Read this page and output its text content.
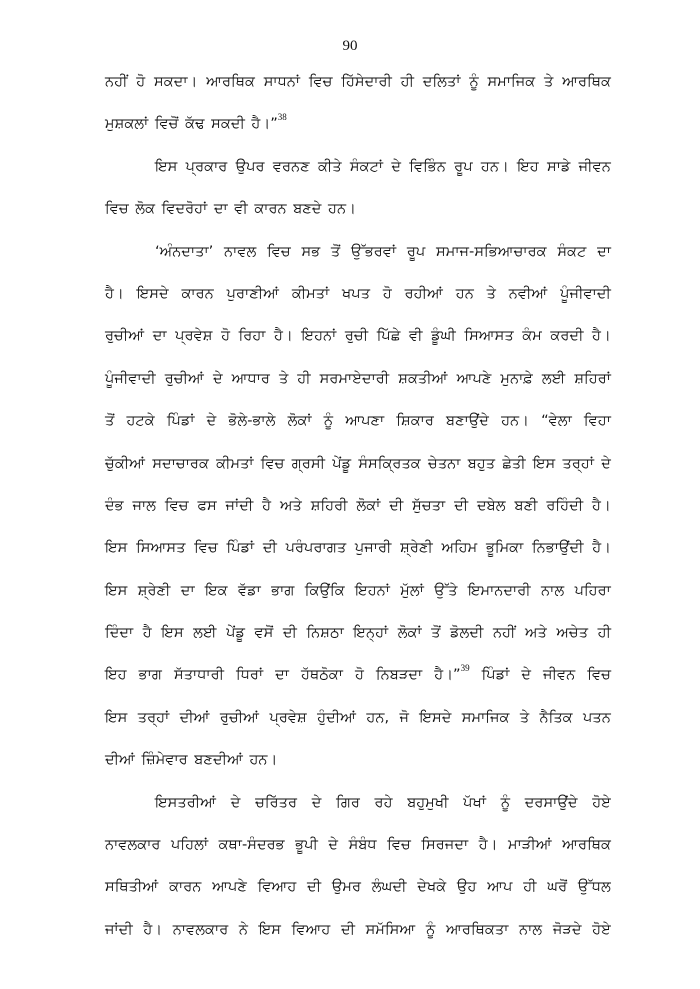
90
ਨਹੀਂ ਹੋ ਸਕਦਾ। ਆਰਥਿਕ ਸਾਧਨਾਂ ਵਿਚ ਹਿੱਸੇਦਾਰੀ ਹੀ ਦਲਿਤਾਂ ਨੂੰ ਸਮਾਜਿਕ ਤੇ ਆਰਥਿਕ
ਮੁਸ਼ਕਲਾਂ ਵਿਚੋਂ ਕੱਢ ਸਕਦੀ ਹੈ।”$^{38}$
ਇਸ ਪ੍ਰਕਾਰ ਉਪਰ ਵਰਨਣ ਕੀਤੇ ਸੰਕਟਾਂ ਦੇ ਵਿਭਿੰਨ ਰੂਪ ਹਨ। ਇਹ ਸਾਡੇ ਜੀਵਨ
ਵਿਚ ਲੋਕ ਵਿਦਰੋਹਾਂ ਦਾ ਵੀ ਕਾਰਨ ਬਣਦੇ ਹਨ।
‘ਅੰਨਦਾਤਾ’ ਨਾਵਲ ਵਿਚ ਸਭ ਤੋਂ ਉੱਭਰਵਾਂ ਰੂਪ ਸਮਾਜ-ਸਭਿਆਚਾਰਕ ਸੰਕਟ ਦਾ
ਹੈ। ਇਸਦੇ ਕਾਰਨ ਪੁਰਾਣੀਆਂ ਕੀਮਤਾਂ ਖਪਤ ਹੋ ਰਹੀਆਂ ਹਨ ਤੇ ਨਵੀਆਂ ਪੂੰਜੀਵਾਦੀ
ਰੁਚੀਆਂ ਦਾ ਪ੍ਰਵੇਸ਼ ਹੋ ਰਿਹਾ ਹੈ। ਇਹਨਾਂ ਰੁਚੀ ਪਿੱਛੇ ਵੀ ਡੂੰਘੀ ਸਿਆਸਤ ਕੰਮ ਕਰਦੀ ਹੈ।
ਪੂੰਜੀਵਾਦੀ ਰੁਚੀਆਂ ਦੇ ਆਧਾਰ ਤੇ ਹੀ ਸਰਮਾਏਦਾਰੀ ਸ਼ਕਤੀਆਂ ਆਪਣੇ ਮੁਨਾਫ਼ੇ ਲਈ ਸ਼ਹਿਰਾਂ
ਤੋਂ ਹਟਕੇ ਪਿੰਡਾਂ ਦੇ ਭੋਲੇ-ਭਾਲੇ ਲੋਕਾਂ ਨੂੰ ਆਪਣਾ ਸ਼ਿਕਾਰ ਬਣਾਉਂਦੇ ਹਨ। “ਵੇਲਾ ਵਿਹਾ
ਚੁੱਕੀਆਂ ਸਦਾਚਾਰਕ ਕੀਮਤਾਂ ਵਿਚ ਗ੍ਰਸੀ ਪੇਂਡੂ ਸੰਸਕ੍ਰਿਤਕ ਚੇਤਨਾ ਬਹੁਤ ਛੇਤੀ ਇਸ ਤਰ੍ਹਾਂ ਦੇ
ਦੰਭ ਜਾਲ ਵਿਚ ਫਸ ਜਾਂਦੀ ਹੈ ਅਤੇ ਸ਼ਹਿਰੀ ਲੋਕਾਂ ਦੀ ਸੁੱਚਤਾ ਦੀ ਦਬੇਲ ਬਣੀ ਰਹਿੰਦੀ ਹੈ।
ਇਸ ਸਿਆਸਤ ਵਿਚ ਪਿੰਡਾਂ ਦੀ ਪਰੰਪਰਾਗਤ ਪੁਜਾਰੀ ਸ਼੍ਰੇਣੀ ਅਹਿਮ ਭੂਮਿਕਾ ਨਿਭਾਉਂਦੀ ਹੈ।
ਇਸ ਸ਼੍ਰੇਣੀ ਦਾ ਇਕ ਵੱਡਾ ਭਾਗ ਕਿਉਂਕਿ ਇਹਨਾਂ ਮੁੱਲਾਂ ਉੱਤੇ ਇਮਾਨਦਾਰੀ ਨਾਲ ਪਹਿਰਾ
ਦਿੰਦਾ ਹੈ ਇਸ ਲਈ ਪੇਂਡੂ ਵਸੋਂ ਦੀ ਨਿਸ਼ਠਾ ਇਨ੍ਹਾਂ ਲੋਕਾਂ ਤੋਂ ਡੋਲਦੀ ਨਹੀਂ ਅਤੇ ਅਚੇਤ ਹੀ
ਇਹ ਭਾਗ ਸੱਤਾਧਾਰੀ ਧਿਰਾਂ ਦਾ ਹੱਥਠੋਕਾ ਹੋ ਨਿਬੜਦਾ ਹੈ।”$^{39}$ ਪਿੰਡਾਂ ਦੇ ਜੀਵਨ ਵਿਚ
ਇਸ ਤਰ੍ਹਾਂ ਦੀਆਂ ਰੁਚੀਆਂ ਪ੍ਰਵੇਸ਼ ਹੁੰਦੀਆਂ ਹਨ, ਜੋ ਇਸਦੇ ਸਮਾਜਿਕ ਤੇ ਨੈਤਿਕ ਪਤਨ
ਦੀਆਂ ਜ਼ਿੰਮੇਵਾਰ ਬਣਦੀਆਂ ਹਨ।
ਇਸਤਰੀਆਂ ਦੇ ਚਰਿੱਤਰ ਦੇ ਗਿਰ ਰਹੇ ਬਹੁਮੁਖੀ ਪੱਖਾਂ ਨੂੰ ਦਰਸਾਉਂਦੇ ਹੋਏ
ਨਾਵਲਕਾਰ ਪਹਿਲਾਂ ਕਥਾ-ਸੰਦਰਭ ਭੂਪੀ ਦੇ ਸੰਬੰਧ ਵਿਚ ਸਿਰਜਦਾ ਹੈ। ਮਾੜੀਆਂ ਆਰਥਿਕ
ਸਥਿਤੀਆਂ ਕਾਰਨ ਆਪਣੇ ਵਿਆਹ ਦੀ ਉਮਰ ਲੰਘਦੀ ਦੇਖਕੇ ਉਹ ਆਪ ਹੀ ਘਰੋਂ ਉੱਧਲ
ਜਾਂਦੀ ਹੈ। ਨਾਵਲਕਾਰ ਨੇ ਇਸ ਵਿਆਹ ਦੀ ਸਮੱਸਿਆ ਨੂੰ ਆਰਥਿਕਤਾ ਨਾਲ ਜੋੜਦੇ ਹੋਏ
